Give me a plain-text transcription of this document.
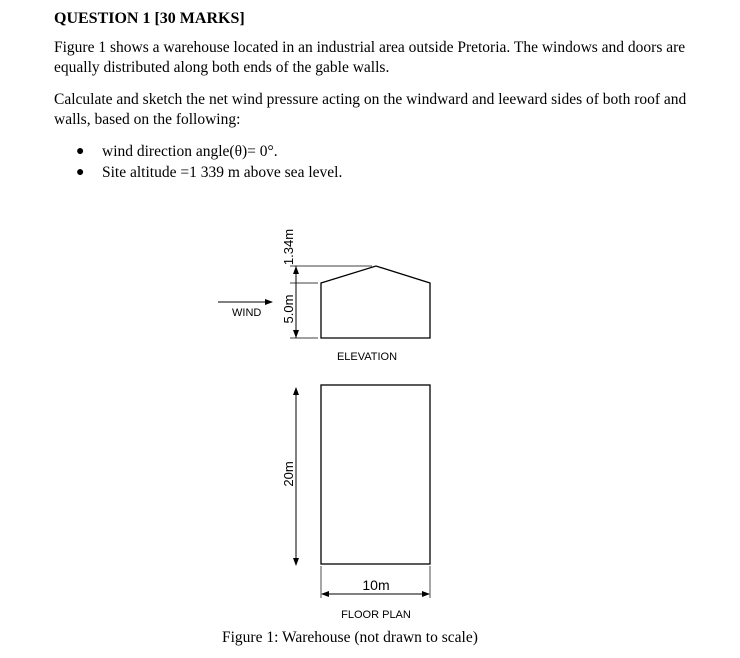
QUESTION 1 [30 MARKS]
Figure 1 shows a warehouse located in an industrial area outside Pretoria. The windows and doors are equally distributed along both ends of the gable walls.
Calculate and sketch the net wind pressure acting on the windward and leeward sides of both roof and walls, based on the following:
● wind direction angle(θ)= 0°.
● Site altitude =1 339 m above sea level.
WIND
1.34m
5.0m
ELEVATION
20m
10m
FLOOR PLAN
Figure 1: Warehouse (not drawn to scale)
